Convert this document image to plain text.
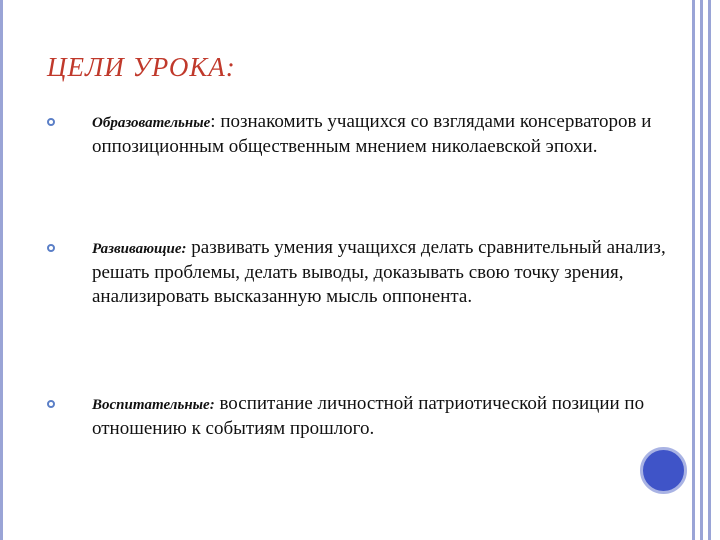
ЦЕЛИ УРОКА:
Образовательные: познакомить учащихся со взглядами консерваторов и оппозиционным общественным мнением николаевской эпохи.
Развивающие: развивать умения учащихся делать сравнительный анализ, решать проблемы, делать выводы, доказывать свою точку зрения, анализировать высказанную мысль оппонента.
Воспитательные: воспитание личностной патриотической позиции по отношению к событиям прошлого.
